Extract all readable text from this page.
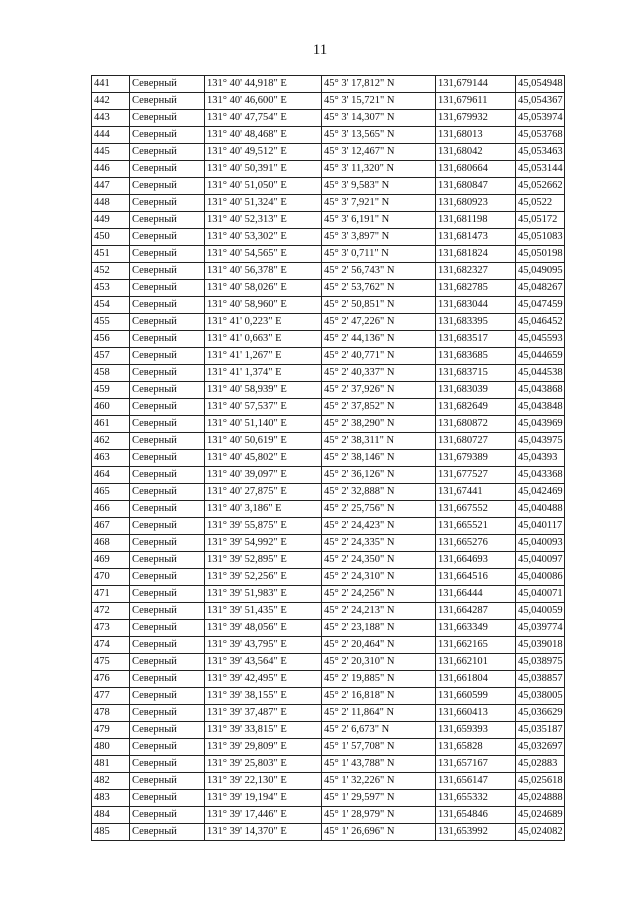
11
441	Северный	131° 40' 44,918" E	45° 3' 17,812" N	131,679144	45,054948
442	Северный	131° 40' 46,600" E	45° 3' 15,721" N	131,679611	45,054367
443	Северный	131° 40' 47,754" E	45° 3' 14,307" N	131,679932	45,053974
444	Северный	131° 40' 48,468" E	45° 3' 13,565" N	131,68013	45,053768
445	Северный	131° 40' 49,512" E	45° 3' 12,467" N	131,68042	45,053463
446	Северный	131° 40' 50,391" E	45° 3' 11,320" N	131,680664	45,053144
447	Северный	131° 40' 51,050" E	45° 3' 9,583" N	131,680847	45,052662
448	Северный	131° 40' 51,324" E	45° 3' 7,921" N	131,680923	45,0522
449	Северный	131° 40' 52,313" E	45° 3' 6,191" N	131,681198	45,05172
450	Северный	131° 40' 53,302" E	45° 3' 3,897" N	131,681473	45,051083
451	Северный	131° 40' 54,565" E	45° 3' 0,711" N	131,681824	45,050198
452	Северный	131° 40' 56,378" E	45° 2' 56,743" N	131,682327	45,049095
453	Северный	131° 40' 58,026" E	45° 2' 53,762" N	131,682785	45,048267
454	Северный	131° 40' 58,960" E	45° 2' 50,851" N	131,683044	45,047459
455	Северный	131° 41' 0,223" E	45° 2' 47,226" N	131,683395	45,046452
456	Северный	131° 41' 0,663" E	45° 2' 44,136" N	131,683517	45,045593
457	Северный	131° 41' 1,267" E	45° 2' 40,771" N	131,683685	45,044659
458	Северный	131° 41' 1,374" E	45° 2' 40,337" N	131,683715	45,044538
459	Северный	131° 40' 58,939" E	45° 2' 37,926" N	131,683039	45,043868
460	Северный	131° 40' 57,537" E	45° 2' 37,852" N	131,682649	45,043848
461	Северный	131° 40' 51,140" E	45° 2' 38,290" N	131,680872	45,043969
462	Северный	131° 40' 50,619" E	45° 2' 38,311" N	131,680727	45,043975
463	Северный	131° 40' 45,802" E	45° 2' 38,146" N	131,679389	45,04393
464	Северный	131° 40' 39,097" E	45° 2' 36,126" N	131,677527	45,043368
465	Северный	131° 40' 27,875" E	45° 2' 32,888" N	131,67441	45,042469
466	Северный	131° 40' 3,186" E	45° 2' 25,756" N	131,667552	45,040488
467	Северный	131° 39' 55,875" E	45° 2' 24,423" N	131,665521	45,040117
468	Северный	131° 39' 54,992" E	45° 2' 24,335" N	131,665276	45,040093
469	Северный	131° 39' 52,895" E	45° 2' 24,350" N	131,664693	45,040097
470	Северный	131° 39' 52,256" E	45° 2' 24,310" N	131,664516	45,040086
471	Северный	131° 39' 51,983" E	45° 2' 24,256" N	131,66444	45,040071
472	Северный	131° 39' 51,435" E	45° 2' 24,213" N	131,664287	45,040059
473	Северный	131° 39' 48,056" E	45° 2' 23,188" N	131,663349	45,039774
474	Северный	131° 39' 43,795" E	45° 2' 20,464" N	131,662165	45,039018
475	Северный	131° 39' 43,564" E	45° 2' 20,310" N	131,662101	45,038975
476	Северный	131° 39' 42,495" E	45° 2' 19,885" N	131,661804	45,038857
477	Северный	131° 39' 38,155" E	45° 2' 16,818" N	131,660599	45,038005
478	Северный	131° 39' 37,487" E	45° 2' 11,864" N	131,660413	45,036629
479	Северный	131° 39' 33,815" E	45° 2' 6,673" N	131,659393	45,035187
480	Северный	131° 39' 29,809" E	45° 1' 57,708" N	131,65828	45,032697
481	Северный	131° 39' 25,803" E	45° 1' 43,788" N	131,657167	45,02883
482	Северный	131° 39' 22,130" E	45° 1' 32,226" N	131,656147	45,025618
483	Северный	131° 39' 19,194" E	45° 1' 29,597" N	131,655332	45,024888
484	Северный	131° 39' 17,446" E	45° 1' 28,979" N	131,654846	45,024689
485	Северный	131° 39' 14,370" E	45° 1' 26,696" N	131,653992	45,024082
